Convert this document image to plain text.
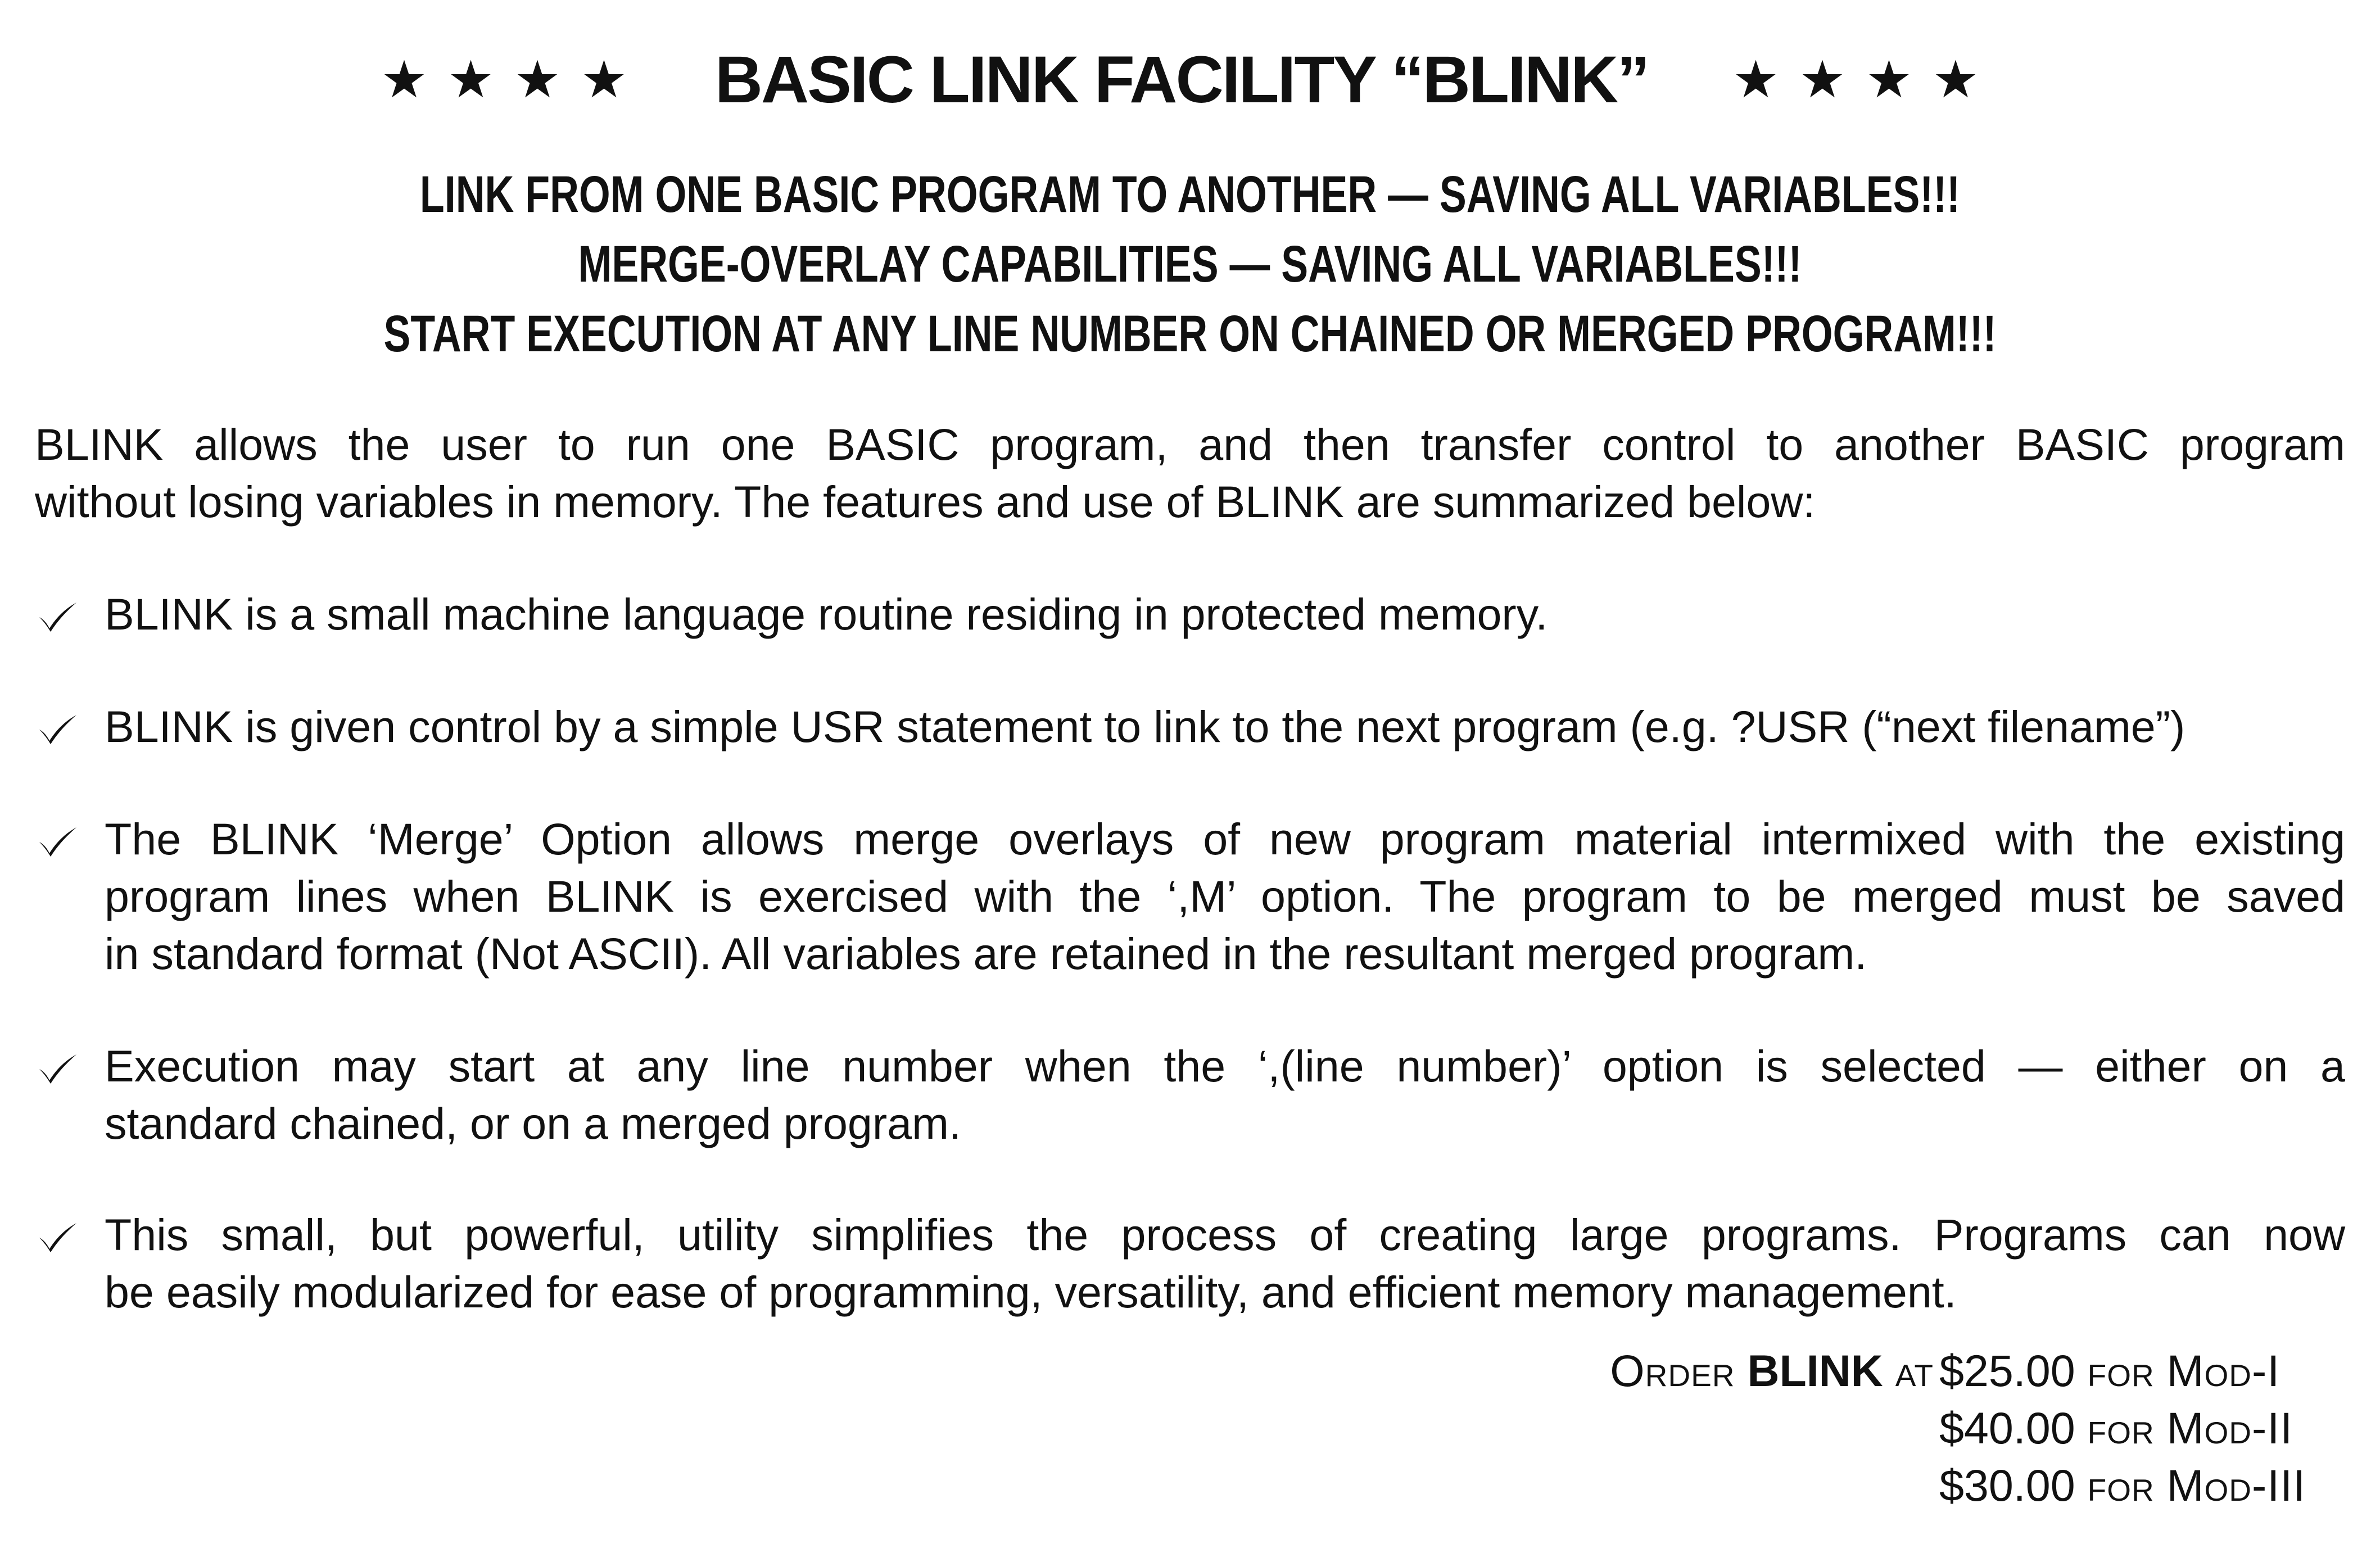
★★★★ BASIC LINK FACILITY “BLINK” ★★★★
LINK FROM ONE BASIC PROGRAM TO ANOTHER — SAVING ALL VARIABLES!!!
MERGE-OVERLAY CAPABILITIES — SAVING ALL VARIABLES!!!
START EXECUTION AT ANY LINE NUMBER ON CHAINED OR MERGED PROGRAM!!!
BLINK allows the user to run one BASIC program, and then transfer control to another BASIC program
without losing variables in memory. The features and use of BLINK are summarized below:
BLINK is a small machine language routine residing in protected memory.
BLINK is given control by a simple USR statement to link to the next program (e.g. ?USR (“next filename”)
The BLINK ‘Merge’ Option allows merge overlays of new program material intermixed with the existing
program lines when BLINK is exercised with the ‘,M’ option. The program to be merged must be saved
in standard format (Not ASCII). All variables are retained in the resultant merged program.
Execution may start at any line number when the ‘,(line number)’ option is selected — either on a
standard chained, or on a merged program.
This small, but powerful, utility simplifies the process of creating large programs. Programs can now
be easily modularized for ease of programming, versatility, and efficient memory management.
Order BLINK at $25.00 for Mod-I
$40.00 for Mod-II
$30.00 for Mod-III
